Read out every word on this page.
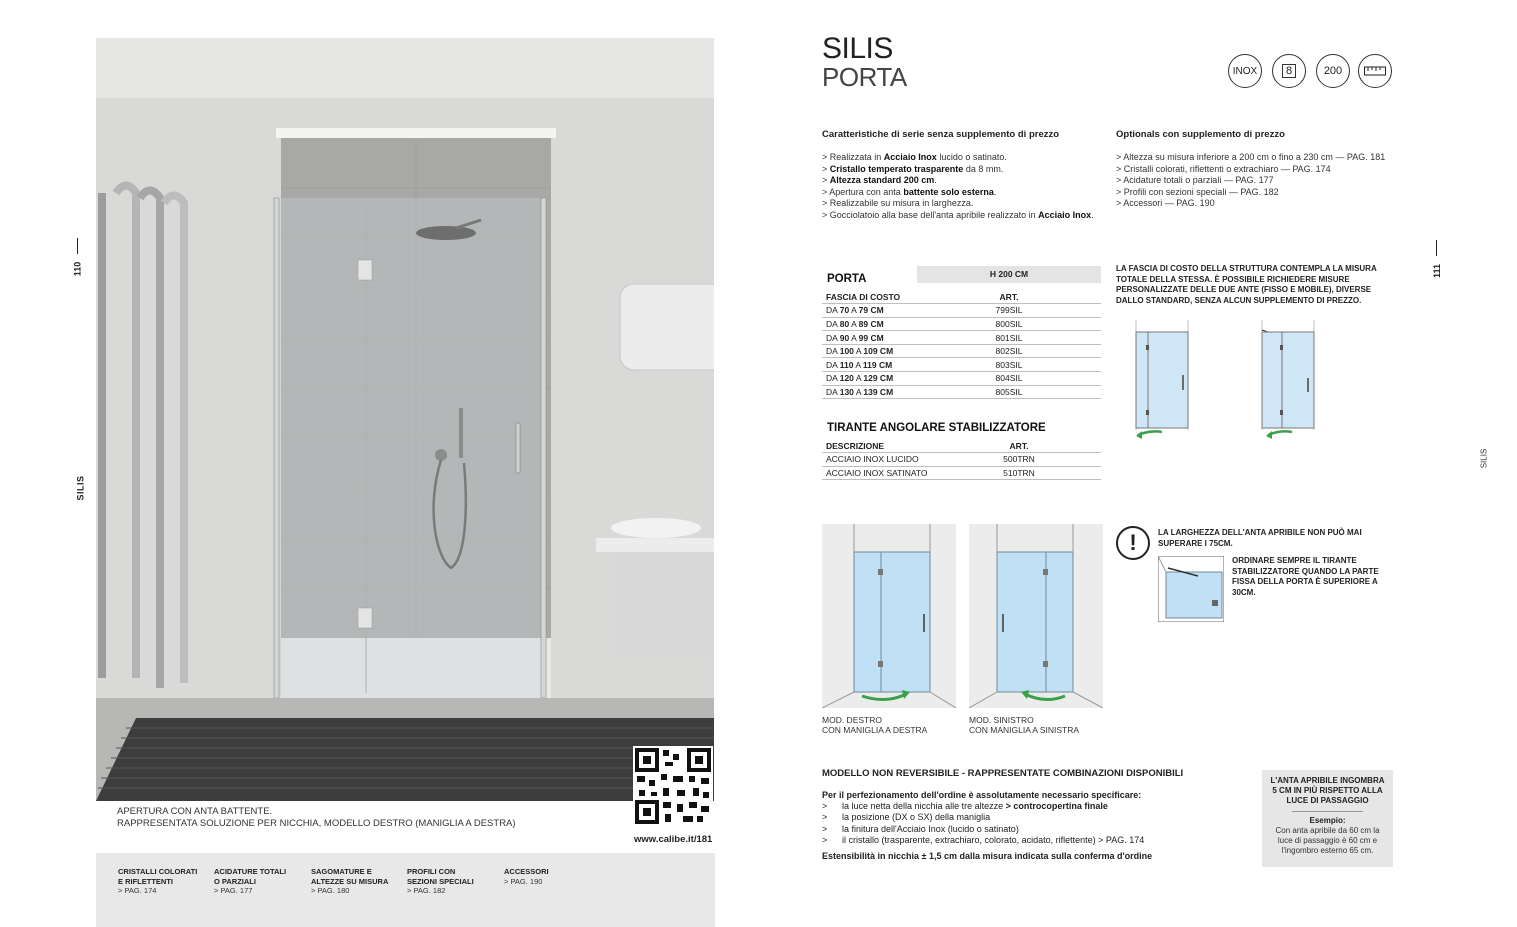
110
SILIS
www.calibe.it/181
APERTURA CON ANTA BATTENTE.
RAPPRESENTATA SOLUZIONE PER NICCHIA, MODELLO DESTRO (MANIGLIA A DESTRA)
CRISTALLI COLORATI
E RIFLETTENTI
> PAG. 174
ACIDATURE TOTALI
O PARZIALI
> PAG. 177
SAGOMATURE E
ALTEZZE SU MISURA
> PAG. 180
PROFILI CON
SEZIONI SPECIALI
> PAG. 182
ACCESSORI
> PAG. 190
SILIS
PORTA	INOX	8	200
Caratteristiche di serie senza supplemento di prezzo
> Realizzata in Acciaio Inox lucido o satinato.
> Cristallo temperato trasparente da 8 mm.
> Altezza standard 200 cm.
> Apertura con anta battente solo esterna.
> Realizzabile su misura in larghezza.
> Gocciolatoio alla base dell'anta apribile realizzato in Acciaio Inox.
Optionals con supplemento di prezzo
> Altezza su misura inferiore a 200 cm o fino a 230 cm — PAG. 181
> Cristalli colorati, riflettenti o extrachiaro — PAG. 174
> Acidature totali o parziali — PAG. 177
> Profili con sezioni speciali — PAG. 182
> Accessori — PAG. 190
111
SILIS
H 200 CM
PORTA
FASCIA DI COSTO	ART.
DA 70 A 79 CM	799SIL
DA 80 A 89 CM	800SIL
DA 90 A 99 CM	801SIL
DA 100 A 109 CM	802SIL
DA 110 A 119 CM	803SIL
DA 120 A 129 CM	804SIL
DA 130 A 139 CM	805SIL
TIRANTE ANGOLARE STABILIZZATORE
DESCRIZIONE	ART.
ACCIAIO INOX LUCIDO	500TRN
ACCIAIO INOX SATINATO	510TRN
LA FASCIA DI COSTO DELLA STRUTTURA CONTEMPLA LA MISURA TOTALE DELLA STESSA. È POSSIBILE RICHIEDERE MISURE PERSONALIZZATE DELLE DUE ANTE (FISSO E MOBILE), DIVERSE DALLO STANDARD, SENZA ALCUN SUPPLEMENTO DI PREZZO.
MOD. DESTRO
CON MANIGLIA A DESTRA
MOD. SINISTRO
CON MANIGLIA A SINISTRA
!	LA LARGHEZZA DELL'ANTA APRIBILE NON PUÒ MAI SUPERARE I 75CM.
ORDINARE SEMPRE IL TIRANTE STABILIZZATORE QUANDO LA PARTE FISSA DELLA PORTA È SUPERIORE A 30CM.
MODELLO NON REVERSIBILE - RAPPRESENTATE COMBINAZIONI DISPONIBILI
Per il perfezionamento dell'ordine è assolutamente necessario specificare:
>	la luce netta della nicchia alle tre altezze > controcopertina finale
>	la posizione (DX o SX) della maniglia
>	la finitura dell'Acciaio Inox (lucido o satinato)
>	il cristallo (trasparente, extrachiaro, colorato, acidato, riflettente) > PAG. 174
Estensibilità in nicchia ± 1,5 cm dalla misura indicata sulla conferma d'ordine
L'ANTA APRIBILE INGOMBRA 5 CM IN PIÙ RISPETTO ALLA LUCE DI PASSAGGIO
Esempio:
Con anta apribile da 60 cm la luce di passaggio è 60 cm e l'ingombro esterno 65 cm.
